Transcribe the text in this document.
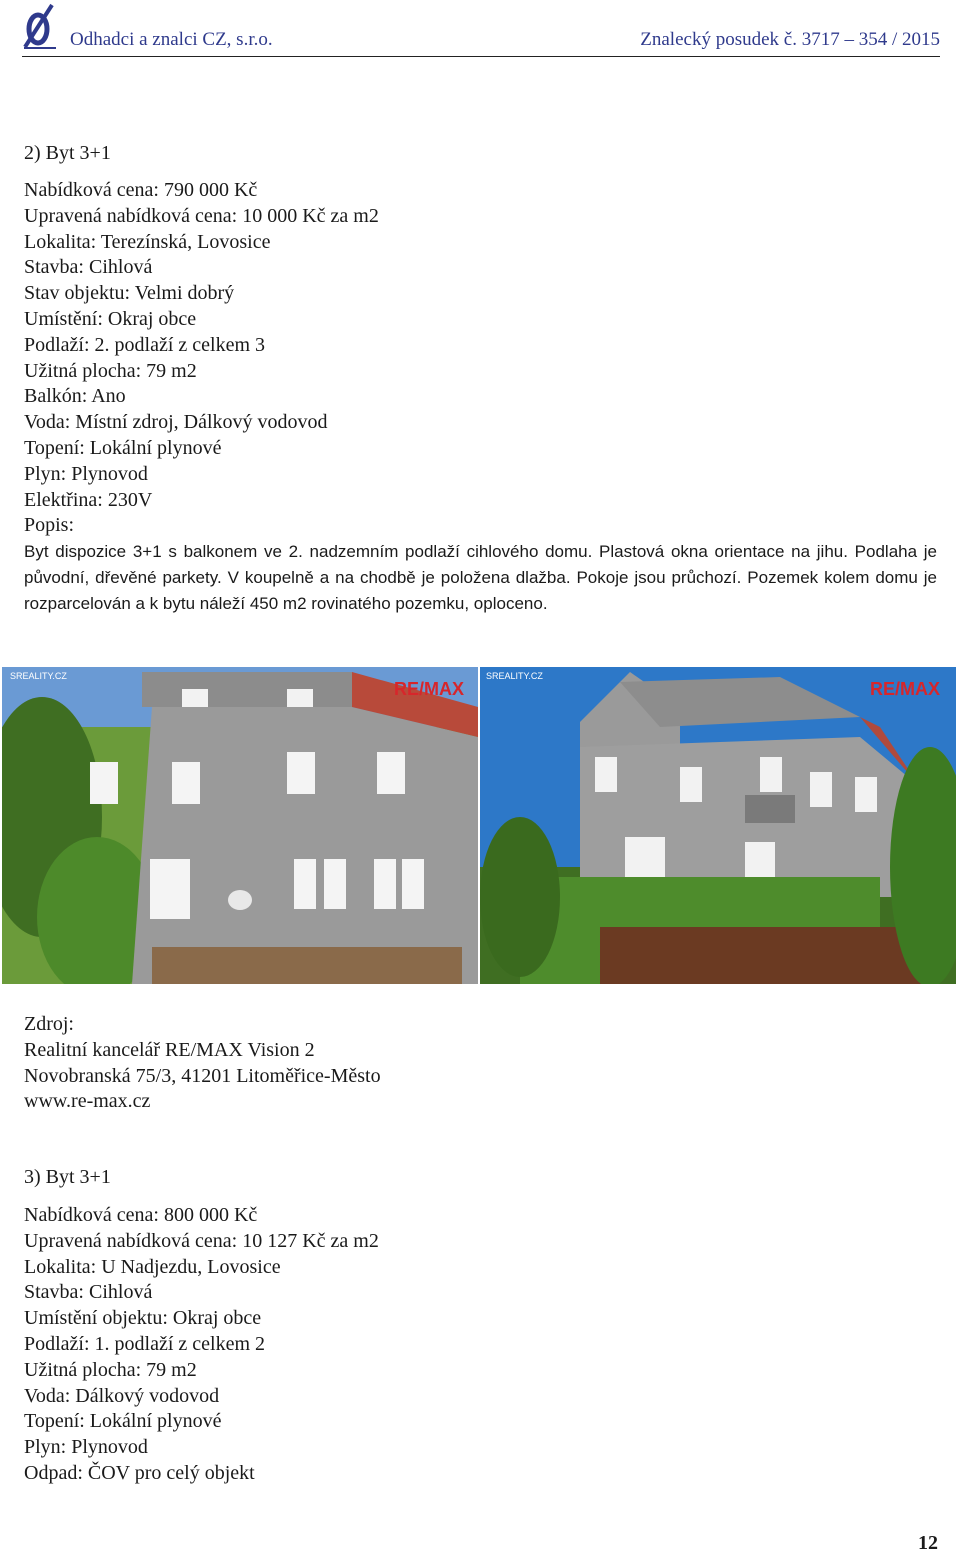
Odhadci a znalci CZ, s.r.o.	Znalecký posudek č. 3717 – 354 / 2015
2) Byt 3+1
Nabídková cena: 790 000 Kč
Upravená nabídková cena: 10 000 Kč za m2
Lokalita: Terezínská, Lovosice
Stavba: Cihlová
Stav objektu: Velmi dobrý
Umístění: Okraj obce
Podlaží: 2. podlaží z celkem 3
Užitná plocha: 79 m2
Balkón: Ano
Voda: Místní zdroj, Dálkový vodovod
Topení: Lokální plynové
Plyn: Plynovod
Elektřina: 230V
Popis:
Byt dispozice 3+1 s balkonem ve 2. nadzemním podlaží cihlového domu. Plastová okna orientace na jihu. Podlaha je původní, dřevěné parkety. V koupelně a na chodbě je položena dlažba. Pokoje jsou průchozí. Pozemek kolem domu je rozparcelován a k bytu náleží 450 m2 rovinatého pozemku, oploceno.
SREALITY.CZ
RE/MAX
SREALITY.CZ
RE/MAX
Zdroj:
Realitní kancelář RE/MAX Vision 2
Novobranská 75/3, 41201 Litoměřice-Město
www.re-max.cz
3) Byt 3+1
Nabídková cena: 800 000 Kč
Upravená nabídková cena: 10 127 Kč za m2
Lokalita: U Nadjezdu, Lovosice
Stavba: Cihlová
Umístění objektu: Okraj obce
Podlaží: 1. podlaží z celkem 2
Užitná plocha: 79 m2
Voda: Dálkový vodovod
Topení: Lokální plynové
Plyn: Plynovod
Odpad: ČOV pro celý objekt
12
